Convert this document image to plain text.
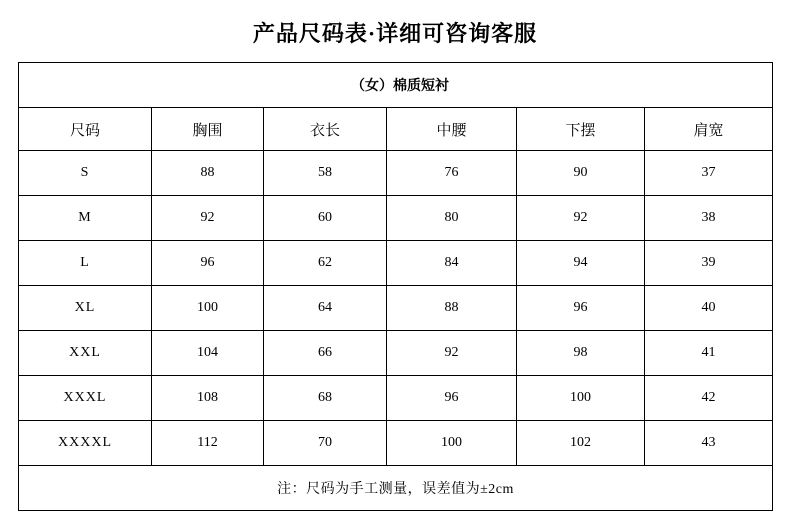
产品尺码表·详细可咨询客服
（女）棉质短衬					
尺码	胸围	衣长	中腰	下摆	肩宽
S	88	58	76	90	37
M	92	60	80	92	38
L	96	62	84	94	39
XL	100	64	88	96	40
XXL	104	66	92	98	41
XXXL	108	68	96	100	42
XXXXL	112	70	100	102	43
注：尺码为手工测量，误差值为±2cm					
